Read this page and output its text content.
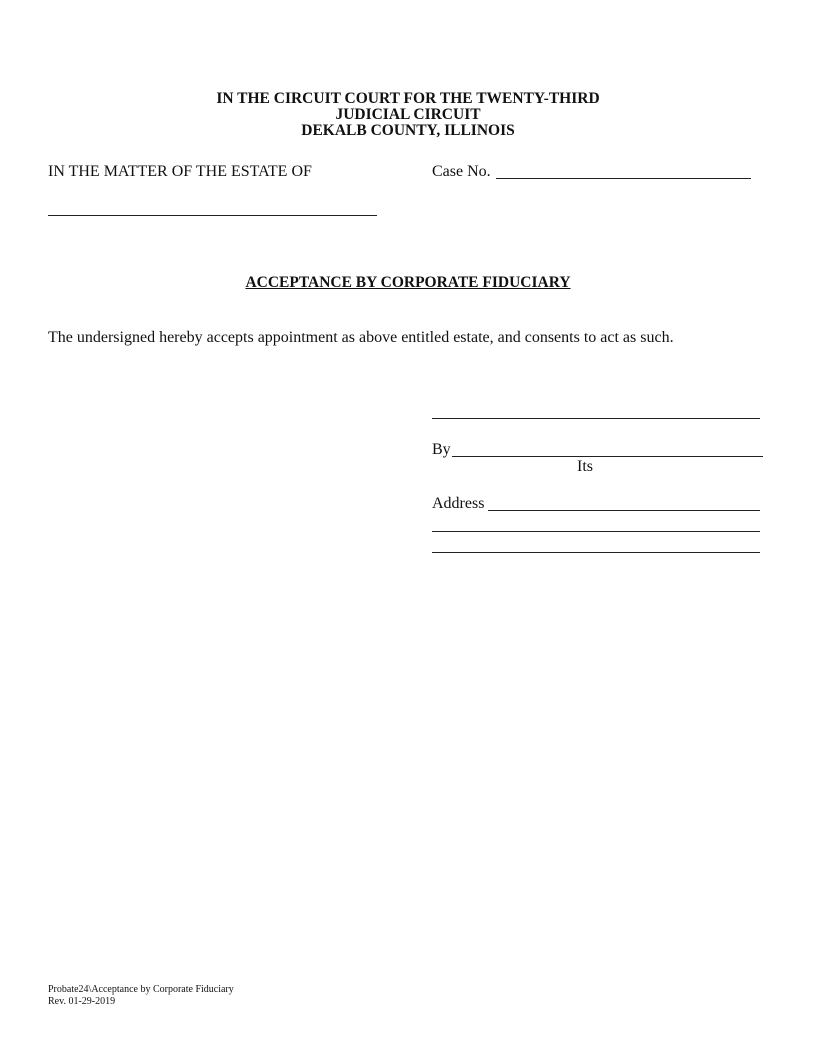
IN THE CIRCUIT COURT FOR THE TWENTY-THIRD
JUDICIAL CIRCUIT
DEKALB COUNTY, ILLINOIS
IN THE MATTER OF THE ESTATE OF	Case No.
ACCEPTANCE BY CORPORATE FIDUCIARY
The undersigned hereby accepts appointment as above entitled estate, and consents to act as such.
By
Its
Address
Probate24\Acceptance by Corporate Fiduciary
Rev. 01-29-2019
